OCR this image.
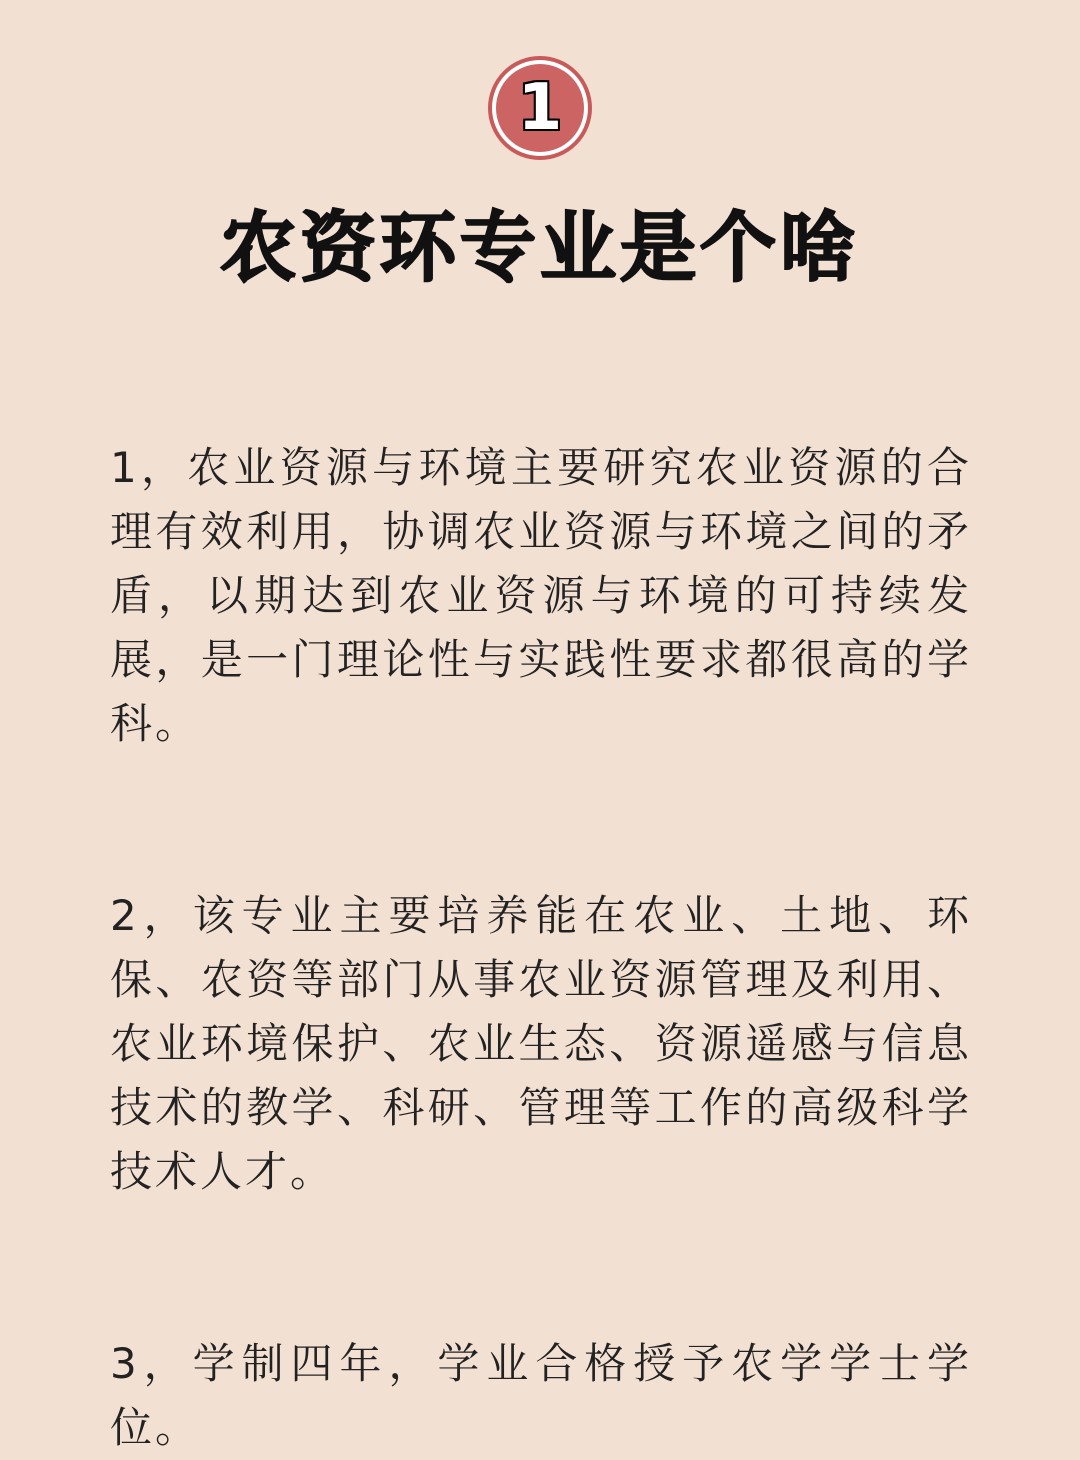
1
农资环专业是个啥

1，农业资源与环境主要研究农业资源的合理有效利用，协调农业资源与环境之间的矛盾，以期达到农业资源与环境的可持续发展，是一门理论性与实践性要求都很高的学科。

2，该专业主要培养能在农业、土地、环保、农资等部门从事农业资源管理及利用、农业环境保护、农业生态、资源遥感与信息技术的教学、科研、管理等工作的高级科学技术人才。

3，学制四年，学业合格授予农学学士学位。
